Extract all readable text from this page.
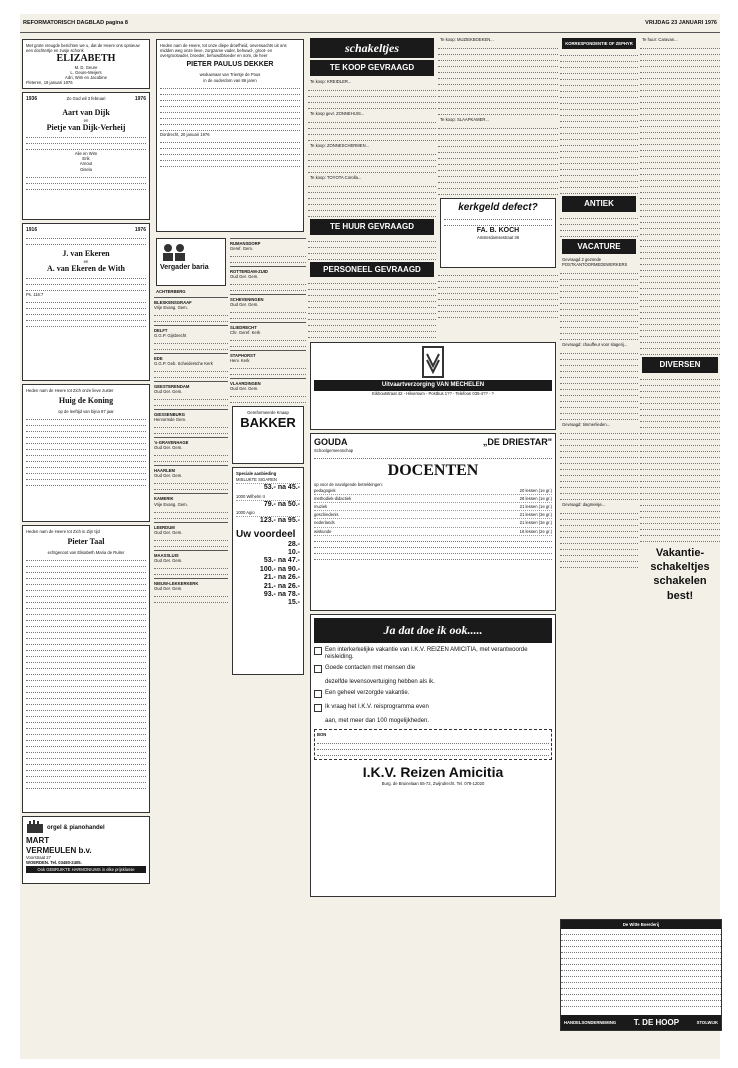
REFORMATORISCH DAGBLAD pagina 8	VRIJDAG 23 JANUARI 1976
Met grote vreugde berichten we u, dat de Heere ons opnieuw een dochtertje en zusje schonk
ELIZABETH
M. D. Geure
L. Geure-Meijers
Adri, Wim en Jacobine
Fleteren, 19 januari 1976
1936	Zo God wil 3 februari	1976
Aart van Dijk
en
Pietje van Dijk-Verheij
Alie en Wim
Erik
Arnout
Gisela
1916	1976
J. van Ekeren
en
A. van Ekeren de With
Ps. 116:7
Heden nam de Heere tot Zich onze lieve zuster
Huig de Koning
op de leeftijd van bijna 87 jaar
Heden nam de Heere tot Zich in Zijn tijd
Pieter Taal
echtgenoot van Elisabeth Maria de Ruiter
orgel & pianohandel
MART
VERMEULEN b.v.
Voorstraat 27
WOERDEN. Tel. 03480-2405.
Ook GEBRUIKTE HARMONIUMS in elke prijsklasse
Heden nam de Heere, tot onze diepe droefheid, onverwachts uit ons midden weg onze lieve, zorgzame vader, behuwd-, groot- en overgrootvader, broeder, behuwdbroeder en oom, de heer
PIETER PAULUS DEKKER
weduwnaar van Trientje de Pous
in de ouderdom van 86 jaren
Dordrecht, 20 januari 1976
Vergader baria
ACHTERBERG
BLESKENSGRAAF
Vrije Evang. Gem.
DELFT
G.G.P. Gijsbrecht
EDE
G.G.P. Geb. Scheidersche Kerk
GEESTERENDAM
Oud Ger. Gem.
GIESSENBURG
Hervormde Gem.
's-GRAVENHAGE
Oud Ger. Gem.
HAARLEM
Oud Ger. Gem.
KAMERIK
Vrije Evang. Gem.
LEERDUM
Oud Ger. Gem.
MAASSLUIS
Oud Ger. Gem.
NIEUW-LEKKERKERK
Oud Ger. Gem.
RUMANSDORP
Geref. Gem.
ROTTERDAM-ZUID
Oud Ger. Gem.
SCHEVENINGEN
Oud Ger. Gem.
SLIEDRECHT
Chr. Geref. Kerk
STAPHORST
Herv. Kerk
VLAARDINGEN
Oud Ger. Gem.
Gereformeerde Knaap
BAKKER
Speciale aanbieding
MISLUKTE SIGAREN
53.- na 45.-
1000 Wilhelm II
79.- na 50.-
1000 Agio
123.- na 95.-
Uw voordeel
28.-
10.-
53.- na 47.-
100.- na 90.-
21.- na 26.-
21.- na 26.-
93.- na 78.-
15.-
schakeltjes
TE KOOP GEVRAAGD
Te koop: KREIDLER...
Te koop gevr. ZONNEHUIS...
Te koop: ZONNESCHERMEN...
Te koop: TOYOTA Corolla...
TE HUUR GEVRAAGD
PERSONEEL GEVRAAGD
Te koop: MUZIEKBOEKEN...
Te koop: SLAAPKAMER...
kerkgeld defect?
FA. B. KOCH
Amsterdamsestraat 36
Uitvaartverzorging VAN MECHELEN
Eikhoutstraat 42 - Hilversum - Postbus 1?? - Telefoon 035-4?? - ?
GOUDA	„DE DRIESTAR"
Schoolgemeenschap
DOCENTEN
op voor de navolgende betrekkingen:
pedagogiek	20 lessen (1e gr.)
methodiek-didactiek	28 lessen (1e gr.)
muziek	21 lessen (1e gr.)
geschiedenis	21 lessen (3e gr.)
nederlands	21 lessen (3e gr.)
wiskunde	16 lessen (2e gr.)
Ja dat doe ik ook.....
Een interkerkelijke vakantie van I.K.V. REIZEN AMICITIA, met verantwoorde reisleiding.
Goede contacten met mensen die
dezelfde levensovertuiging hebben als ik.
Een geheel verzorgde vakantie.
Ik vraag het I.K.V. reisprogramma even
aan, met meer dan 100 mogelijkheden.
BON
I.K.V. Reizen Amicitia
Burg. de Bruinelaan 55-72, Zwijndrecht. Tel. 078-12020
KORRESPONDENTIE OF ZEPHYR
ANTIEK
VACATURE
Gevraagd 2 gezonde POSTKANTOORMEDEWERKERS
Gevraagd: chauffeur voor slagerij...
Gevraagd: timmerlieden...
Gevraagd: dagmeisje...
Te huur: Caravan...
DIVERSEN
Vakantie- schakeltjes schakelen best!
De Witte Boerderij
HANDELSONDERNEMING T. DE HOOP	STOLWIJK
